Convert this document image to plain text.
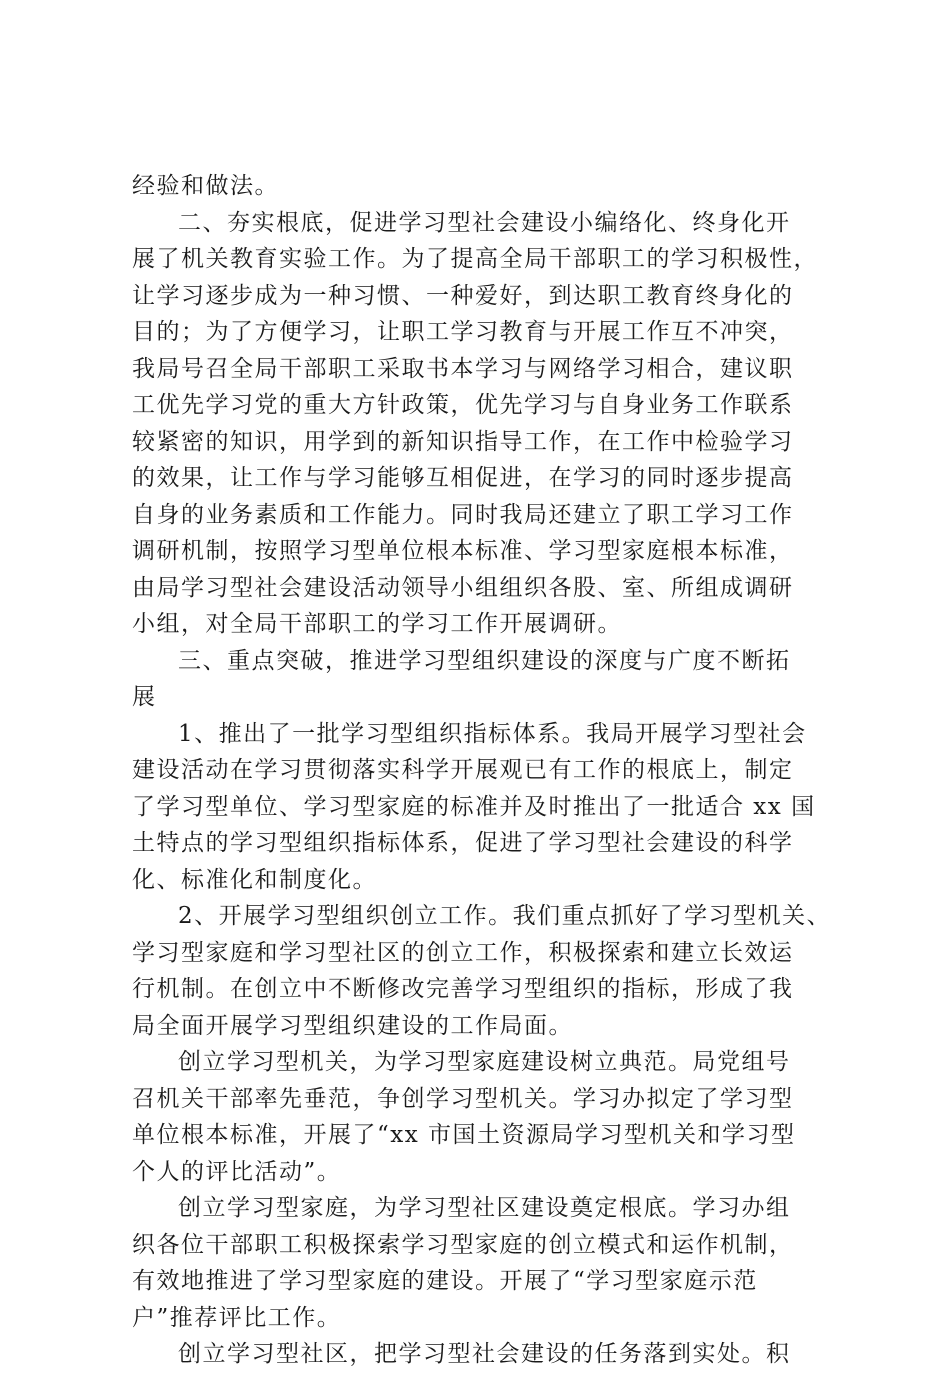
经验和做法。
二、夯实根底，促进学习型社会建设小编络化、终身化开
展了机关教育实验工作。为了提高全局干部职工的学习积极性，
让学习逐步成为一种习惯、一种爱好，到达职工教育终身化的
目的；为了方便学习，让职工学习教育与开展工作互不冲突，
我局号召全局干部职工采取书本学习与网络学习相合，建议职
工优先学习党的重大方针政策，优先学习与自身业务工作联系
较紧密的知识，用学到的新知识指导工作，在工作中检验学习
的效果，让工作与学习能够互相促进，在学习的同时逐步提高
自身的业务素质和工作能力。同时我局还建立了职工学习工作
调研机制，按照学习型单位根本标准、学习型家庭根本标准，
由局学习型社会建设活动领导小组组织各股、室、所组成调研
小组，对全局干部职工的学习工作开展调研。
三、重点突破，推进学习型组织建设的深度与广度不断拓
展
1、推出了一批学习型组织指标体系。我局开展学习型社会
建设活动在学习贯彻落实科学开展观已有工作的根底上，制定
了学习型单位、学习型家庭的标准并及时推出了一批适合 xx 国
土特点的学习型组织指标体系，促进了学习型社会建设的科学
化、标准化和制度化。
2、开展学习型组织创立工作。我们重点抓好了学习型机关、
学习型家庭和学习型社区的创立工作，积极探索和建立长效运
行机制。在创立中不断修改完善学习型组织的指标，形成了我
局全面开展学习型组织建设的工作局面。
创立学习型机关，为学习型家庭建设树立典范。局党组号
召机关干部率先垂范，争创学习型机关。学习办拟定了学习型
单位根本标准，开展了“xx 市国土资源局学习型机关和学习型
个人的评比活动”。
创立学习型家庭，为学习型社区建设奠定根底。学习办组
织各位干部职工积极探索学习型家庭的创立模式和运作机制，
有效地推进了学习型家庭的建设。开展了“学习型家庭示范
户”推荐评比工作。
创立学习型社区，把学习型社会建设的任务落到实处。积
